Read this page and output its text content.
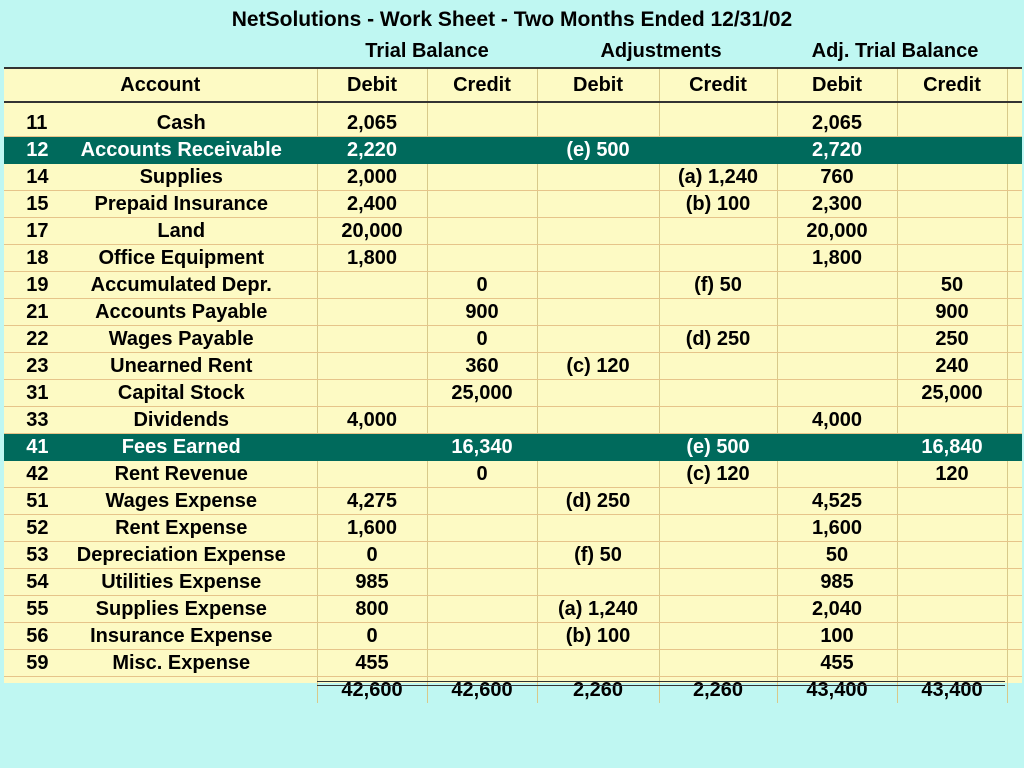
NetSolutions - Work Sheet - Two Months Ended 12/31/02
Trial Balance	Adjustments	Adj. Trial Balance
Account	Debit	Credit	Debit	Credit	Debit	Credit	

11 Cash	2,065				2,065		
12 Accounts Receivable	2,220		(e) 500		2,720		
14 Supplies	2,000			(a) 1,240	760		
15 Prepaid Insurance	2,400			(b) 100	2,300		
17 Land	20,000				20,000		
18 Office Equipment	1,800				1,800		
19 Accumulated Depr.		0		(f) 50		50	
21 Accounts Payable		900				900	
22 Wages Payable		0		(d) 250		250	
23 Unearned Rent		360	(c) 120			240	
31 Capital Stock		25,000				25,000	
33 Dividends	4,000				4,000		
41 Fees Earned		16,340		(e) 500		16,840	
42 Rent Revenue		0		(c) 120		120	
51 Wages Expense	4,275		(d) 250		4,525		
52 Rent Expense	1,600				1,600		
53 Depreciation Expense	0		(f) 50		50		
54 Utilities Expense	985				985		
55 Supplies Expense	800		(a) 1,240		2,040		
56 Insurance Expense	0		(b) 100		100		
59 Misc. Expense	455				455		
	42,600	42,600	2,260	2,260	43,400	43,400	
